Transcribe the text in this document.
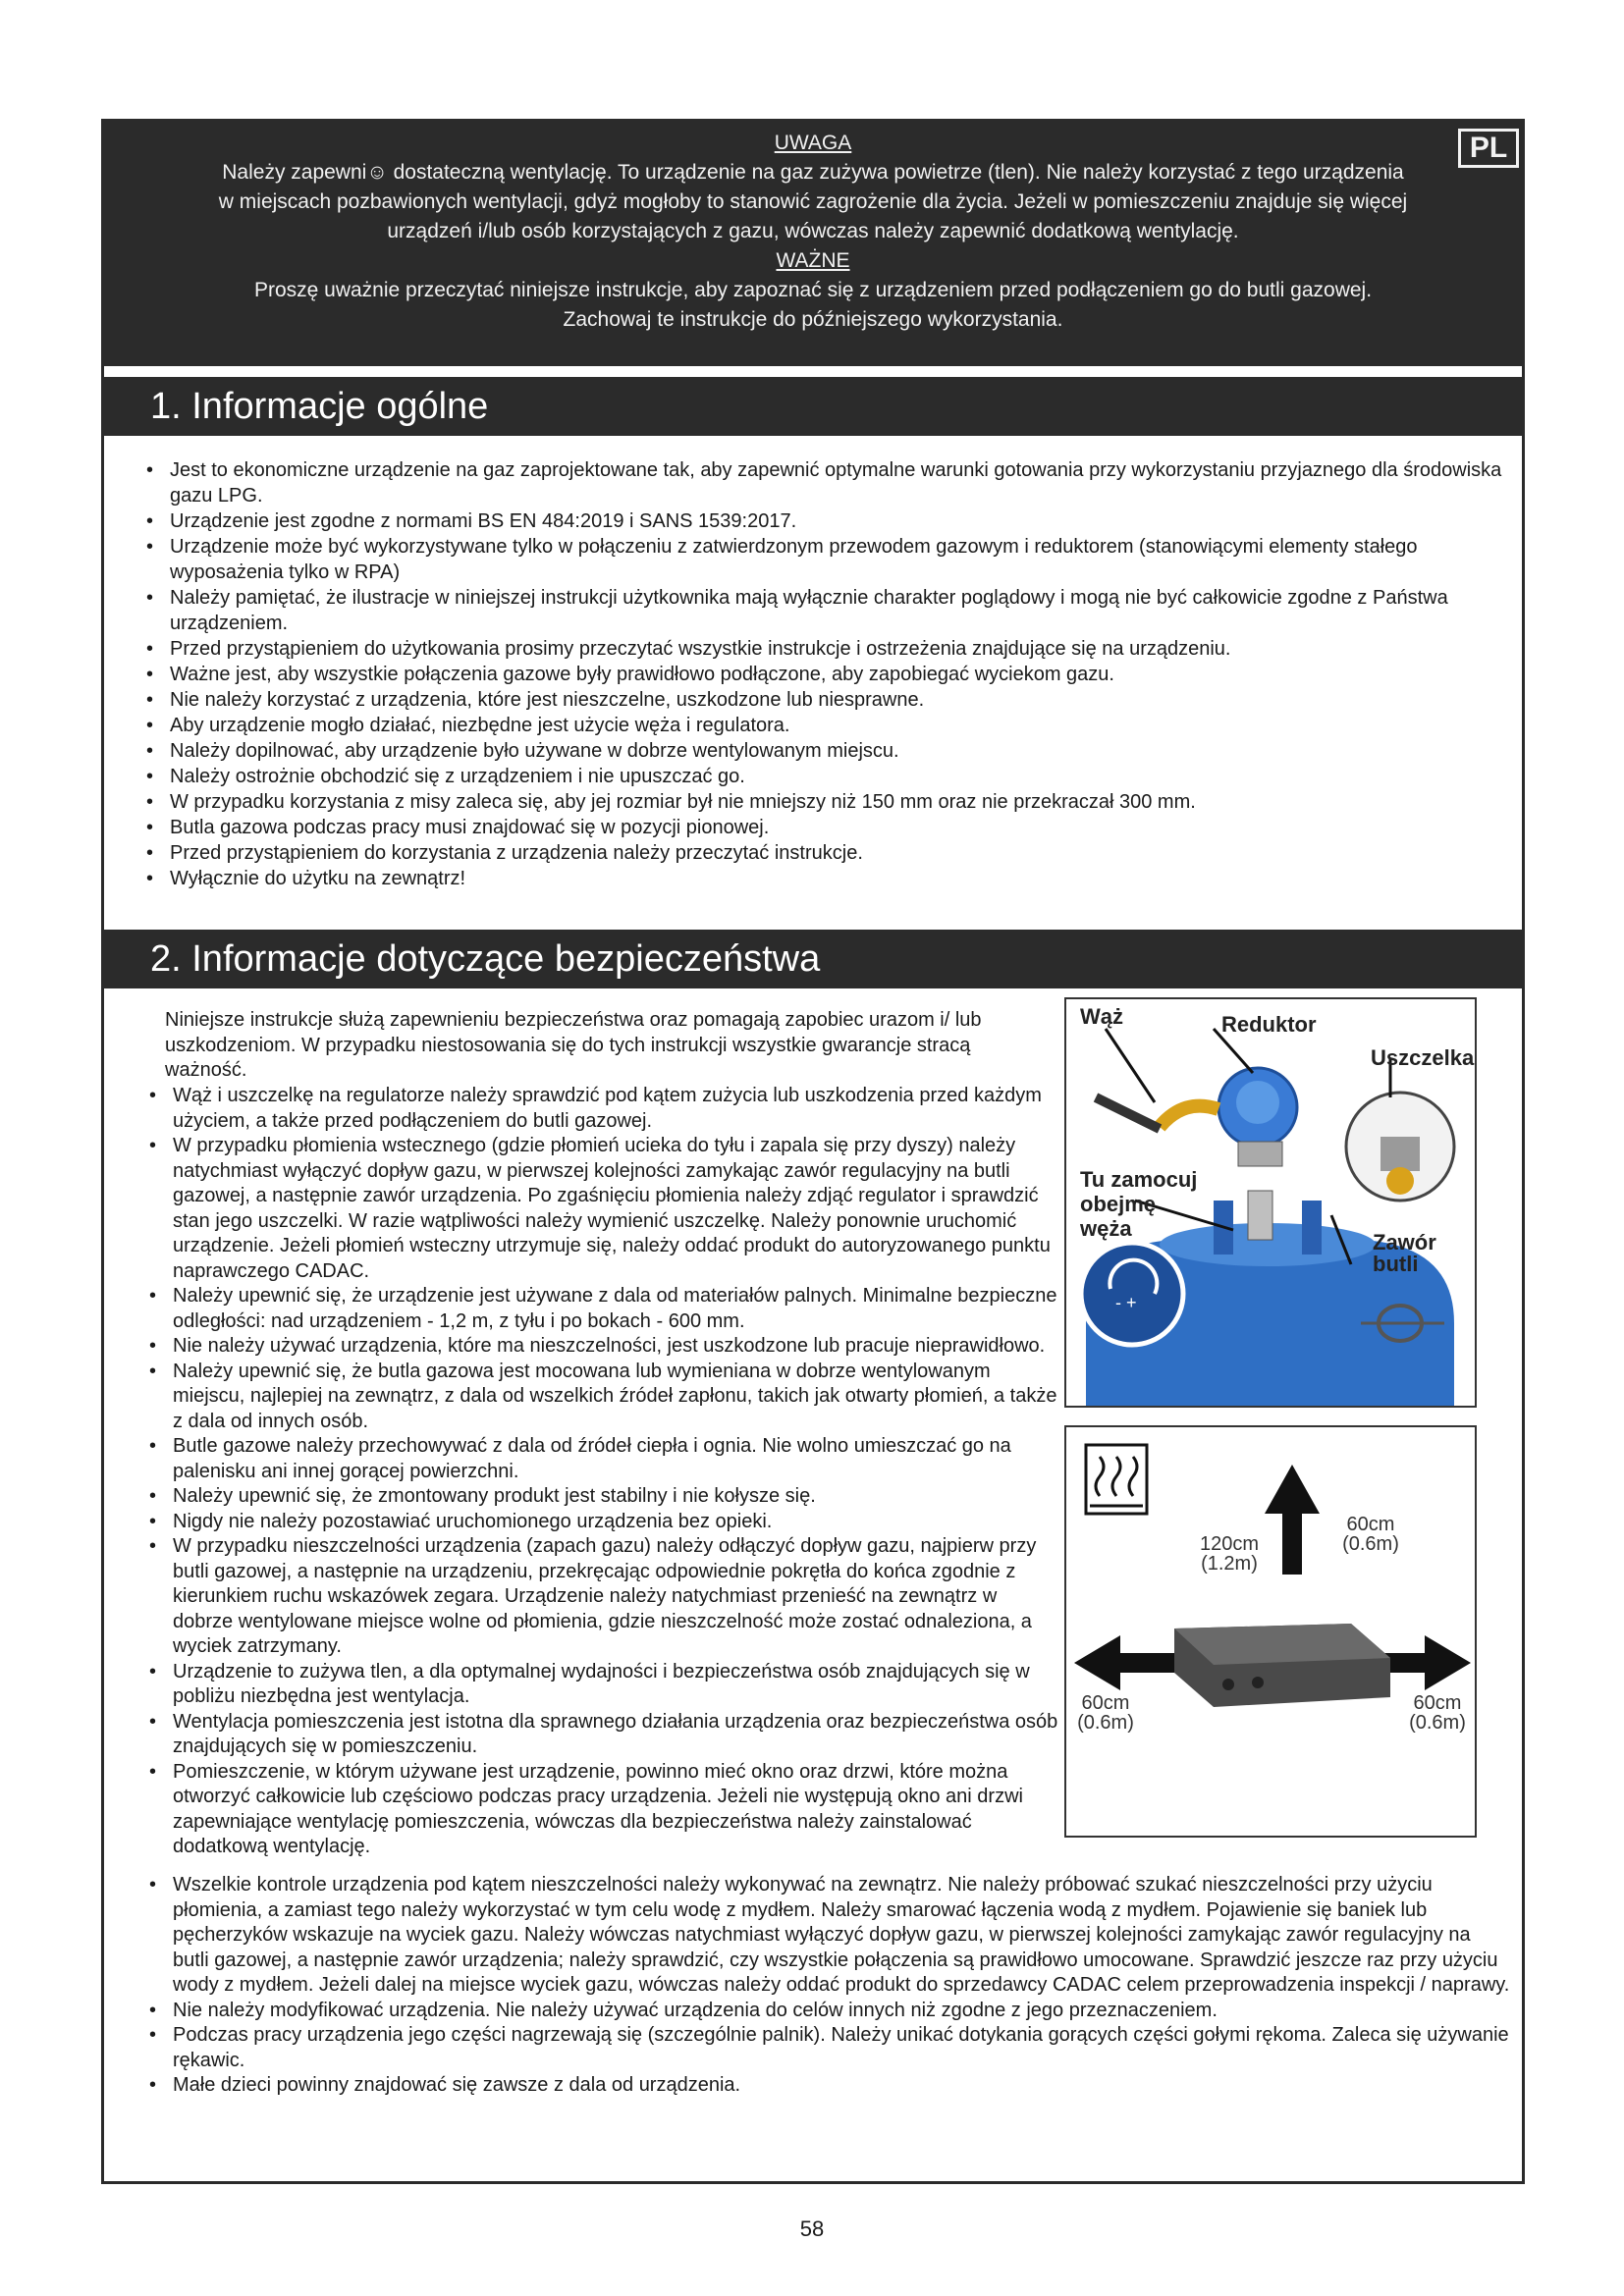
UWAGA
Należy zapewni☺ dostateczną wentylację. To urządzenie na gaz zużywa powietrze (tlen). Nie należy korzystać z tego urządzenia
w miejscach pozbawionych wentylacji, gdyż mogłoby to stanowić zagrożenie dla życia. Jeżeli w pomieszczeniu znajduje się więcej
urządzeń i/lub osób korzystających z gazu, wówczas należy zapewnić dodatkową wentylację.
WAŻNE
Proszę uważnie przeczytać niniejsze instrukcje, aby zapoznać się z urządzeniem przed podłączeniem go do butli gazowej.
Zachowaj te instrukcje do późniejszego wykorzystania.
PL
1. Informacje ogólne
• Jest to ekonomiczne urządzenie na gaz zaprojektowane tak, aby zapewnić optymalne warunki gotowania przy wykorzystaniu przyjaznego dla środowiska gazu LPG.
• Urządzenie jest zgodne z normami BS EN 484:2019 i SANS 1539:2017.
• Urządzenie może być wykorzystywane tylko w połączeniu z zatwierdzonym przewodem gazowym i reduktorem (stanowiącymi elementy stałego wyposażenia tylko w RPA)
• Należy pamiętać, że ilustracje w niniejszej instrukcji użytkownika mają wyłącznie charakter poglądowy i mogą nie być całkowicie zgodne z Państwa urządzeniem.
• Przed przystąpieniem do użytkowania prosimy przeczytać wszystkie instrukcje i ostrzeżenia znajdujące się na urządzeniu.
• Ważne jest, aby wszystkie połączenia gazowe były prawidłowo podłączone, aby zapobiegać wyciekom gazu.
• Nie należy korzystać z urządzenia, które jest nieszczelne, uszkodzone lub niesprawne.
• Aby urządzenie mogło działać, niezbędne jest użycie węża i regulatora.
• Należy dopilnować, aby urządzenie było używane w dobrze wentylowanym miejscu.
• Należy ostrożnie obchodzić się z urządzeniem i nie upuszczać go.
• W przypadku korzystania z misy zaleca się, aby jej rozmiar był nie mniejszy niż 150 mm oraz nie przekraczał 300 mm.
• Butla gazowa podczas pracy musi znajdować się w pozycji pionowej.
• Przed przystąpieniem do korzystania z urządzenia należy przeczytać instrukcje.
• Wyłącznie do użytku na zewnątrz!
2. Informacje dotyczące bezpieczeństwa
Niniejsze instrukcje służą zapewnieniu bezpieczeństwa oraz pomagają zapobiec urazom i/ lub uszkodzeniom. W przypadku niestosowania się do tych instrukcji wszystkie gwarancje stracą ważność.
• Wąż i uszczelkę na regulatorze należy sprawdzić pod kątem zużycia lub uszkodzenia przed każdym użyciem, a także przed podłączeniem do butli gazowej.
• W przypadku płomienia wstecznego (gdzie płomień ucieka do tyłu i zapala się przy dyszy) należy natychmiast wyłączyć dopływ gazu, w pierwszej kolejności zamykając zawór regulacyjny na butli gazowej, a następnie zawór urządzenia. Po zgaśnięciu płomienia należy zdjąć regulator i sprawdzić stan jego uszczelki. W razie wątpliwości należy wymienić uszczelkę. Należy ponownie uruchomić urządzenie. Jeżeli płomień wsteczny utrzymuje się, należy oddać produkt do autoryzowanego punktu naprawczego CADAC.
• Należy upewnić się, że urządzenie jest używane z dala od materiałów palnych. Minimalne bezpieczne odległości: nad urządzeniem - 1,2 m, z tyłu i po bokach - 600 mm.
• Nie należy używać urządzenia, które ma nieszczelności, jest uszkodzone lub pracuje nieprawidłowo.
• Należy upewnić się, że butla gazowa jest mocowana lub wymieniana w dobrze wentylowanym miejscu, najlepiej na zewnątrz, z dala od wszelkich źródeł zapłonu, takich jak otwarty płomień, a także z dala od innych osób.
• Butle gazowe należy przechowywać z dala od źródeł ciepła i ognia. Nie wolno umieszczać go na palenisku ani innej gorącej powierzchni.
• Należy upewnić się, że zmontowany produkt jest stabilny i nie kołysze się.
• Nigdy nie należy pozostawiać uruchomionego urządzenia bez opieki.
• W przypadku nieszczelności urządzenia (zapach gazu) należy odłączyć dopływ gazu, najpierw przy butli gazowej, a następnie na urządzeniu, przekręcając odpowiednie pokrętła do końca zgodnie z kierunkiem ruchu wskazówek zegara. Urządzenie należy natychmiast przenieść na zewnątrz w dobrze wentylowane miejsce wolne od płomienia, gdzie nieszczelność może zostać odnaleziona, a wyciek zatrzymany.
• Urządzenie to zużywa tlen, a dla optymalnej wydajności i bezpieczeństwa osób znajdujących się w pobliżu niezbędna jest wentylacja.
• Wentylacja pomieszczenia jest istotna dla sprawnego działania urządzenia oraz bezpieczeństwa osób znajdujących się w pomieszczeniu.
• Pomieszczenie, w którym używane jest urządzenie, powinno mieć okno oraz drzwi, które można otworzyć całkowicie lub częściowo podczas pracy urządzenia. Jeżeli nie występują okno ani drzwi zapewniające wentylację pomieszczenia, wówczas dla bezpieczeństwa należy zainstalować dodatkową wentylację.
• Wszelkie kontrole urządzenia pod kątem nieszczelności należy wykonywać na zewnątrz. Nie należy próbować szukać nieszczelności przy użyciu płomienia, a zamiast tego należy wykorzystać w tym celu wodę z mydłem. Należy smarować łączenia wodą z mydłem. Pojawienie się baniek lub pęcherzyków wskazuje na wyciek gazu. Należy wówczas natychmiast wyłączyć dopływ gazu, w pierwszej kolejności zamykając zawór regulacyjny na butli gazowej, a następnie zawór urządzenia; należy sprawdzić, czy wszystkie połączenia są prawidłowo umocowane. Sprawdzić jeszcze raz przy użyciu wody z mydłem. Jeżeli dalej na miejsce wyciek gazu, wówczas należy oddać produkt do sprzedawcy CADAC celem przeprowadzenia inspekcji / naprawy.
• Nie należy modyfikować urządzenia. Nie należy używać urządzenia do celów innych niż zgodne z jego przeznaczeniem.
• Podczas pracy urządzenia jego części nagrzewają się (szczególnie palnik). Należy unikać dotykania gorących części gołymi rękoma. Zaleca się używanie rękawic.
• Małe dzieci powinny znajdować się zawsze z dala od urządzenia.
- +
Wąż	Reduktor
Uszczelka
Tu zamocuj
obejmę
węża
Zawór
butli
120cm
(1.2m)
60cm
(0.6m)
60cm
(0.6m)
60cm
(0.6m)
58
